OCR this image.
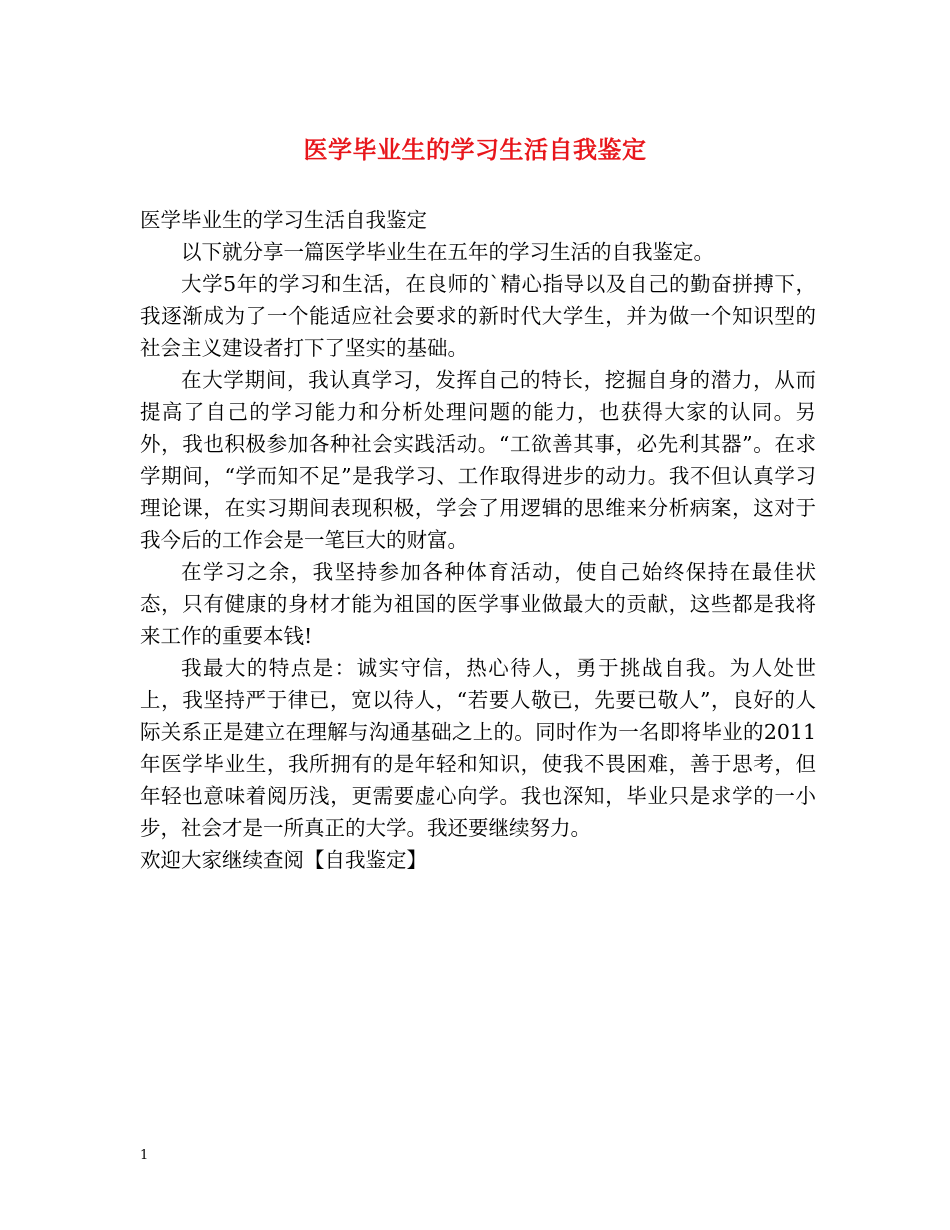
医学毕业生的学习生活自我鉴定

医学毕业生的学习生活自我鉴定

以下就分享一篇医学毕业生在五年的学习生活的自我鉴定。

大学5年的学习和生活，在良师的`精心指导以及自己的勤奋拼搏下，我逐渐成为了一个能适应社会要求的新时代大学生，并为做一个知识型的社会主义建设者打下了坚实的基础。

在大学期间，我认真学习，发挥自己的特长，挖掘自身的潜力，从而提高了自己的学习能力和分析处理问题的能力，也获得大家的认同。另外，我也积极参加各种社会实践活动。“工欲善其事，必先利其器”。在求学期间，“学而知不足”是我学习、工作取得进步的动力。我不但认真学习理论课，在实习期间表现积极，学会了用逻辑的思维来分析病案，这对于我今后的工作会是一笔巨大的财富。

在学习之余，我坚持参加各种体育活动，使自己始终保持在最佳状态，只有健康的身材才能为祖国的医学事业做最大的贡献，这些都是我将来工作的重要本钱!

我最大的特点是：诚实守信，热心待人，勇于挑战自我。为人处世上，我坚持严于律已，宽以待人，“若要人敬已，先要已敬人”，良好的人际关系正是建立在理解与沟通基础之上的。同时作为一名即将毕业的2011年医学毕业生，我所拥有的是年轻和知识，使我不畏困难，善于思考，但年轻也意味着阅历浅，更需要虚心向学。我也深知，毕业只是求学的一小步，社会才是一所真正的大学。我还要继续努力。

欢迎大家继续查阅【自我鉴定】

1
